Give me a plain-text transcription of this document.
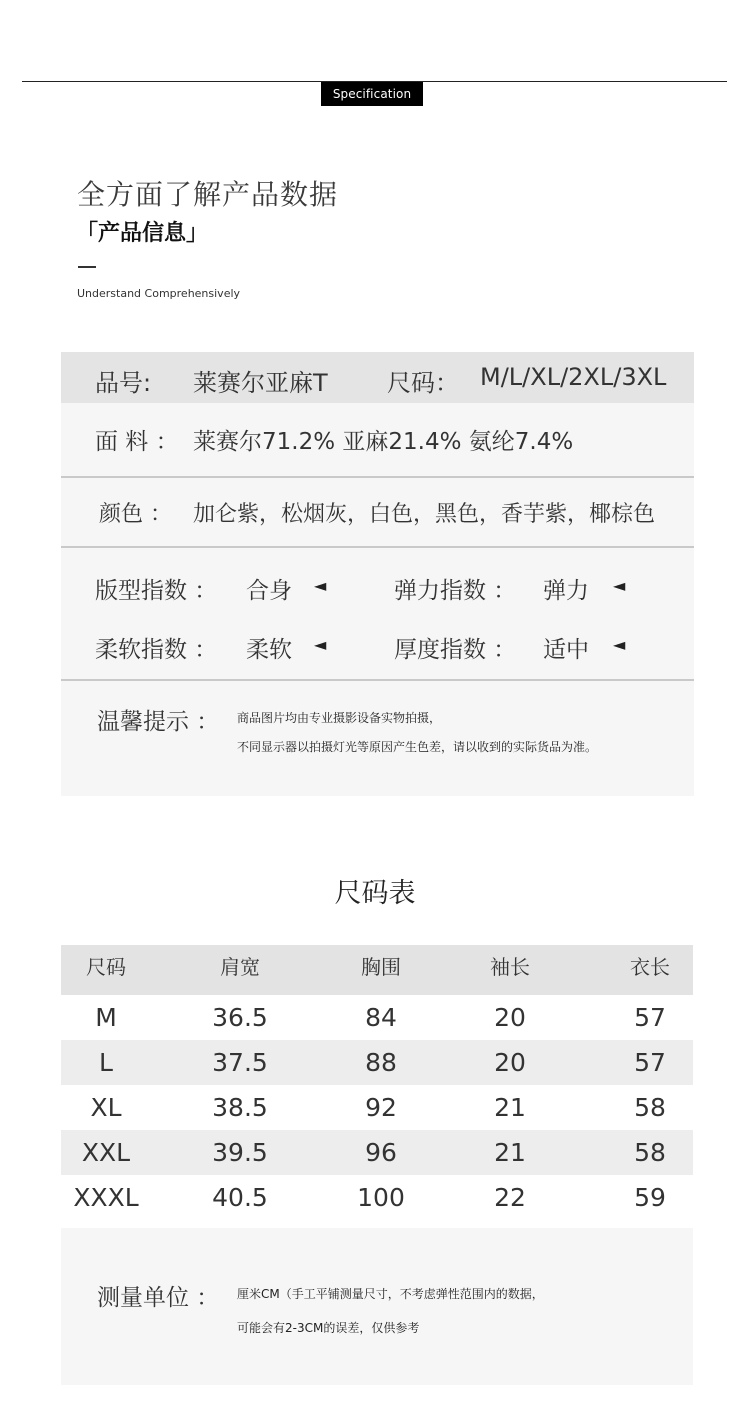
Specification
全方面了解产品数据
「产品信息」
Understand Comprehensively
品号: 莱赛尔亚麻T 尺码： M/L/XL/2XL/3XL
面 料 ： 莱赛尔71.2% 亚麻21.4% 氨纶7.4%
颜色 ： 加仑紫，松烟灰，白色，黑色，香芋紫，椰棕色
版型指数 ： 合身 ◄	弹力指数 ： 弹力 ◄
柔软指数 ： 柔软 ◄	厚度指数 ： 适中 ◄
温馨提示 ： 商品图片均由专业摄影设备实物拍摄，
不同显示器以拍摄灯光等原因产生色差，请以收到的实际货品为准。
尺码表
尺码	肩宽	胸围	袖长	衣长
M	36.5	84	20	57
L	37.5	88	20	57
XL	38.5	92	21	58
XXL	39.5	96	21	58
XXXL	40.5	100	22	59
测量单位 ： 厘米CM（手工平铺测量尺寸，不考虑弹性范围内的数据，
可能会有2-3CM的误差，仅供参考
